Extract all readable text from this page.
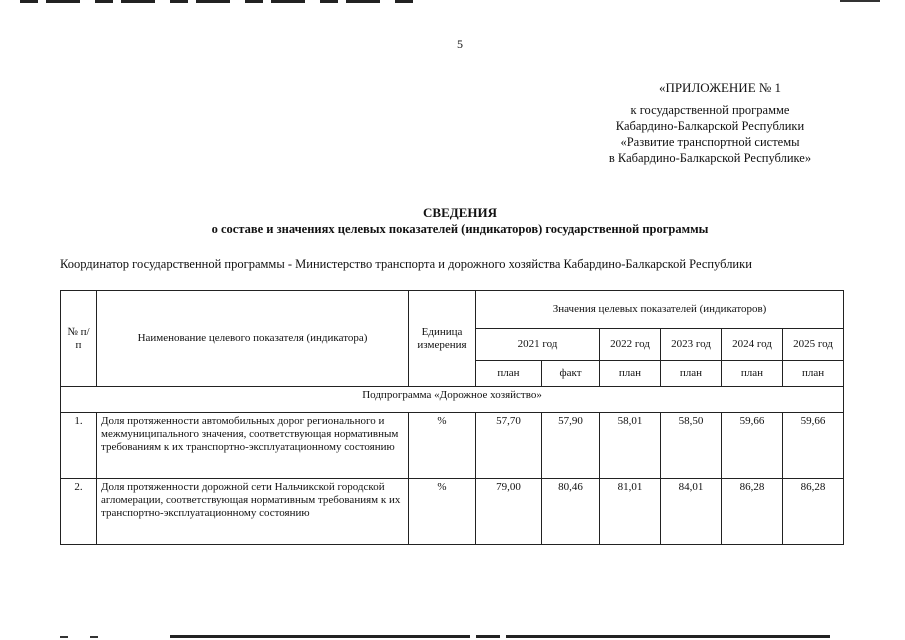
5
«ПРИЛОЖЕНИЕ № 1
к государственной программе
Кабардино-Балкарской Республики
«Развитие транспортной системы
в Кабардино-Балкарской Республике»
СВЕДЕНИЯ
о составе и значениях целевых показателей (индикаторов) государственной программы
Координатор государственной программы - Министерство транспорта и дорожного хозяйства Кабардино-Балкарской Республики
№ п/п	Наименование целевого показателя (индикатора)	Единица измерения	Значения целевых показателей (индикаторов)					
			2021 год		2022 год	2023 год	2024 год	2025 год
			план	факт	план	план	план	план
Подпрограмма «Дорожное хозяйство»								
1.	Доля протяженности автомобильных дорог регионального и межмуниципального значения, соответствующая нормативным требованиям к их транспортно-эксплуатационному состоянию	%	57,70	57,90	58,01	58,50	59,66	59,66
2.	Доля протяженности дорожной сети Нальчикской городской агломерации, соответствующая нормативным требованиям к их транспортно-эксплуатационному состоянию	%	79,00	80,46	81,01	84,01	86,28	86,28
